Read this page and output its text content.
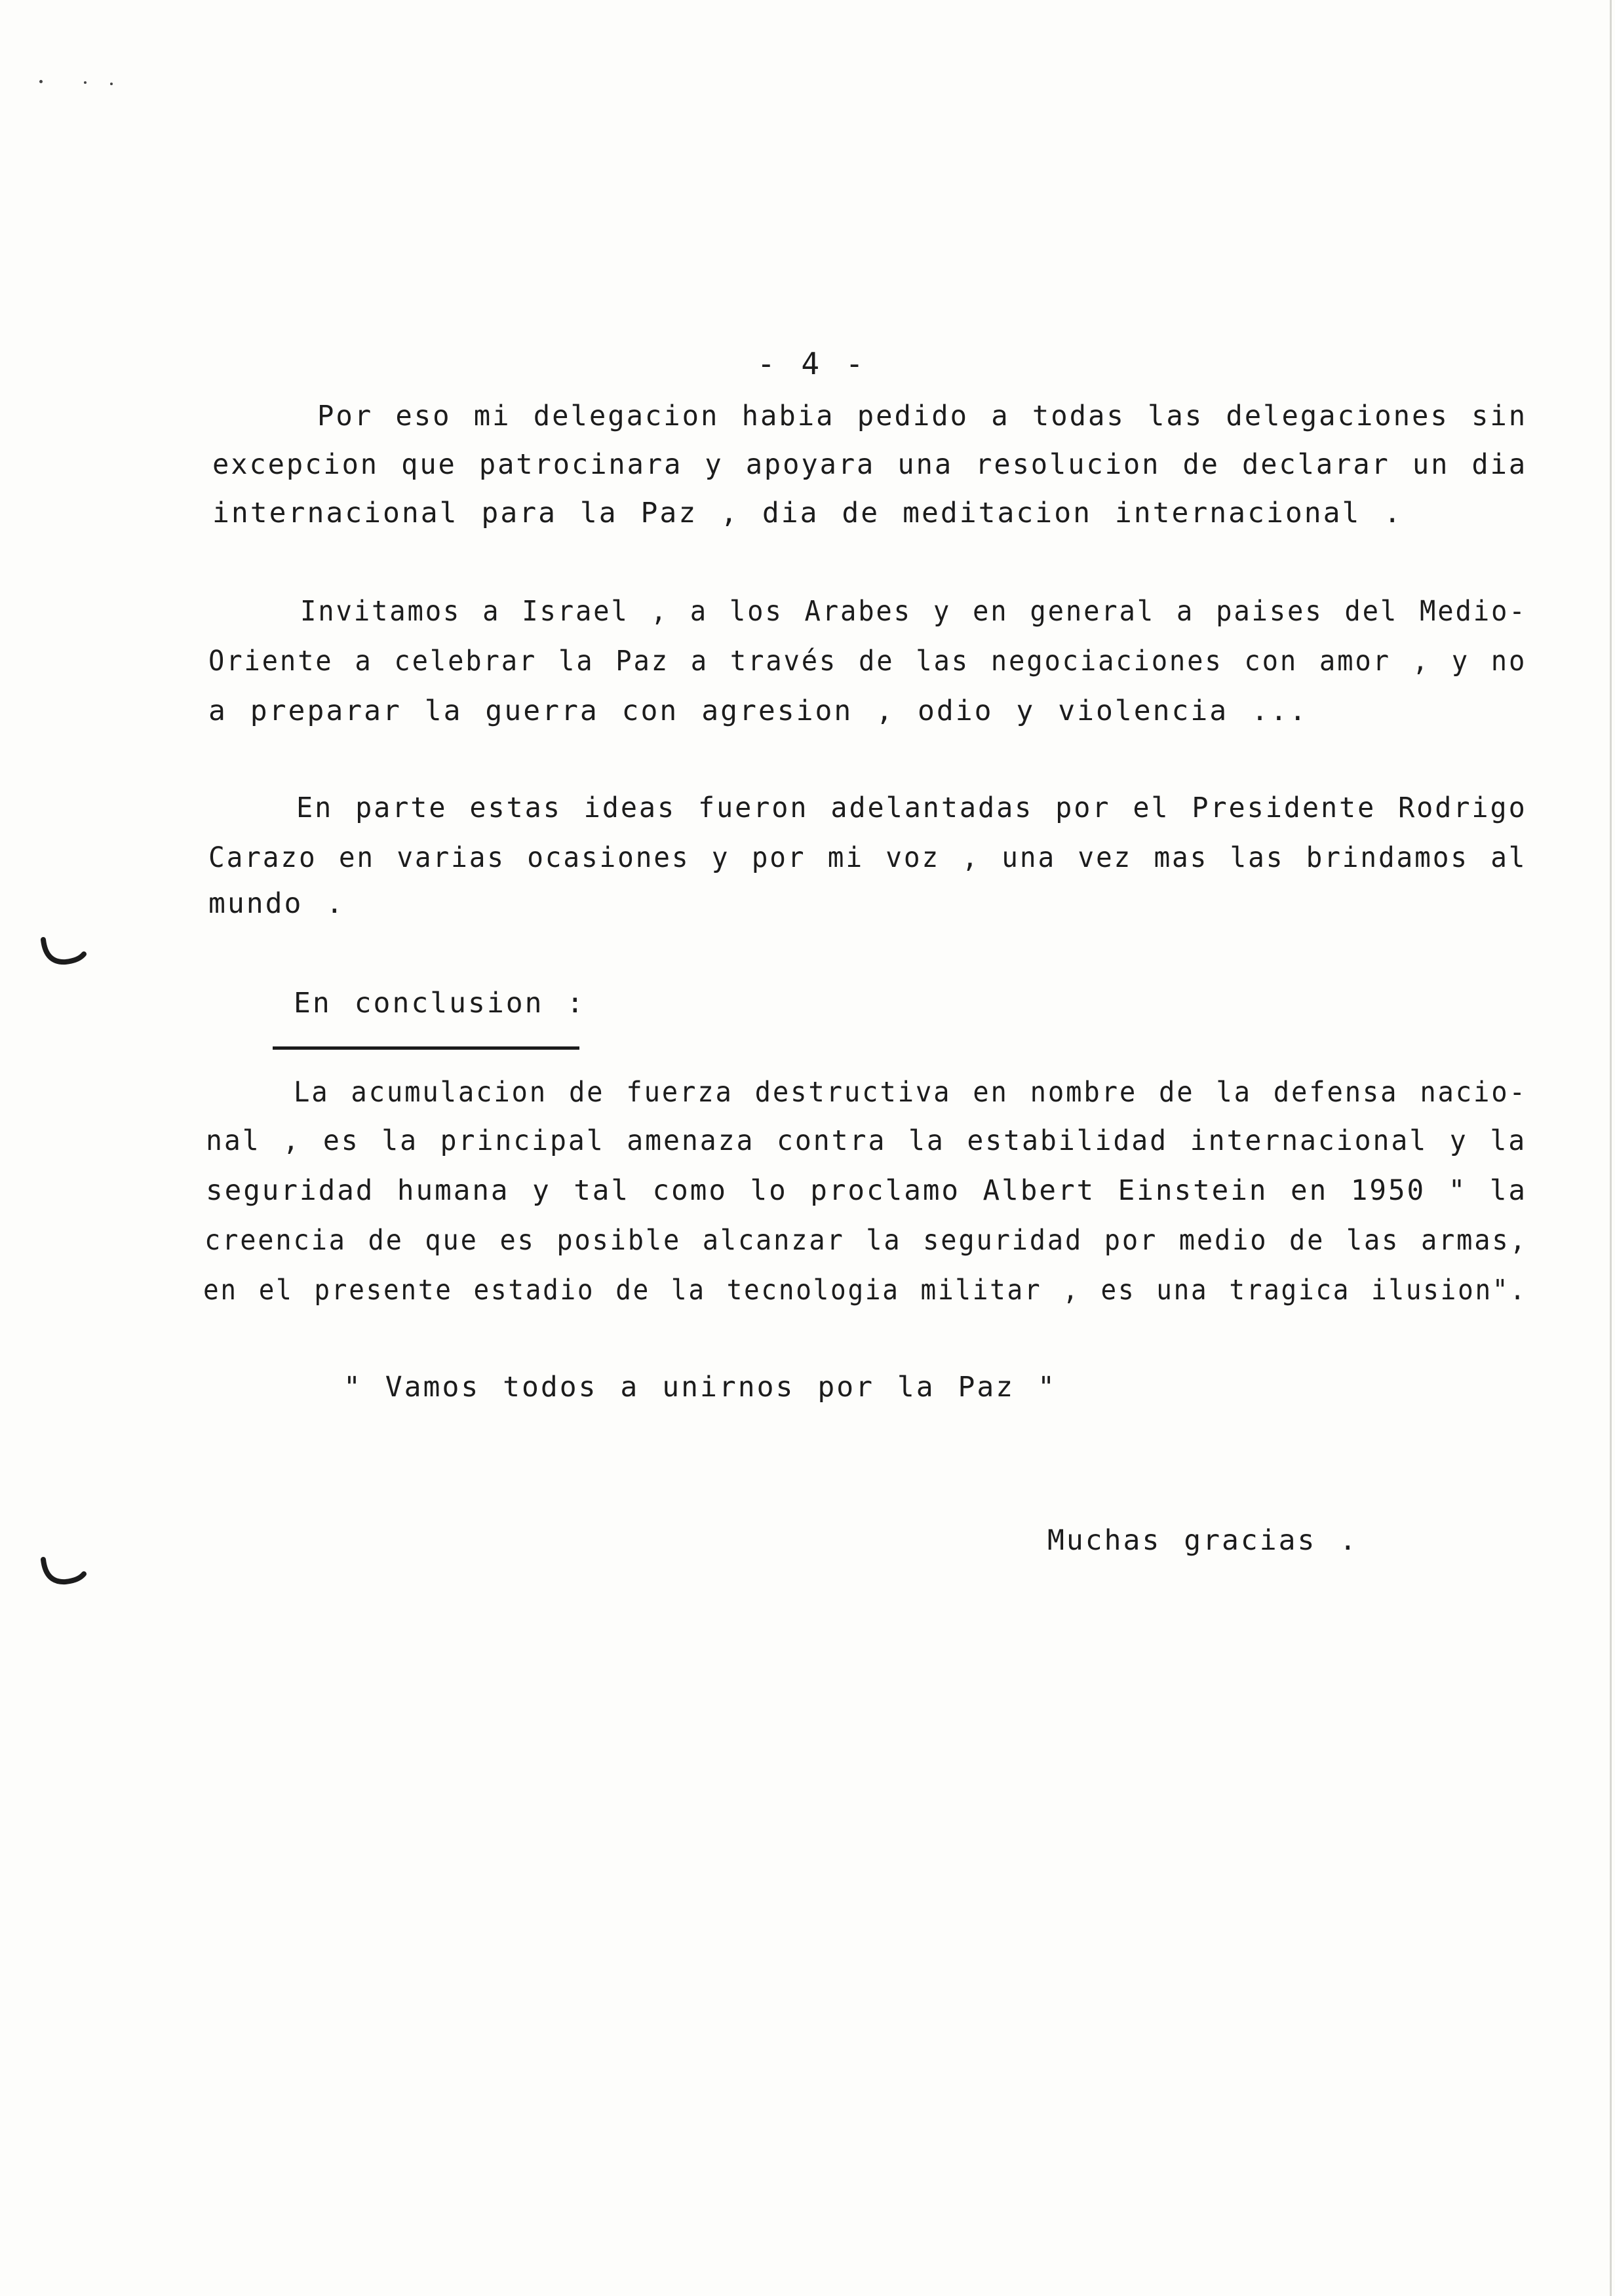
- 4 -
Por eso mi delegacion habia pedido a todas las delegaciones sin
excepcion que patrocinara y apoyara una resolucion de declarar un dia
internacional para la Paz , dia de meditacion internacional .
Invitamos a Israel , a los Arabes y en general a paises del Medio-
Oriente a celebrar la Paz a través de las negociaciones con amor , y no
a preparar la guerra con agresion , odio y violencia ...
En parte estas ideas fueron adelantadas por el Presidente Rodrigo
Carazo en varias ocasiones y por mi voz , una vez mas las brindamos al
mundo .
En conclusion :
La acumulacion de fuerza destructiva en nombre de la defensa nacio-
nal , es la principal amenaza contra la estabilidad internacional y la
seguridad humana y tal como lo proclamo Albert Einstein en 1950 " la
creencia de que es posible alcanzar la seguridad por medio de las armas,
en el presente estadio de la tecnologia militar , es una tragica ilusion".
" Vamos todos a unirnos por la Paz "
Muchas gracias .
